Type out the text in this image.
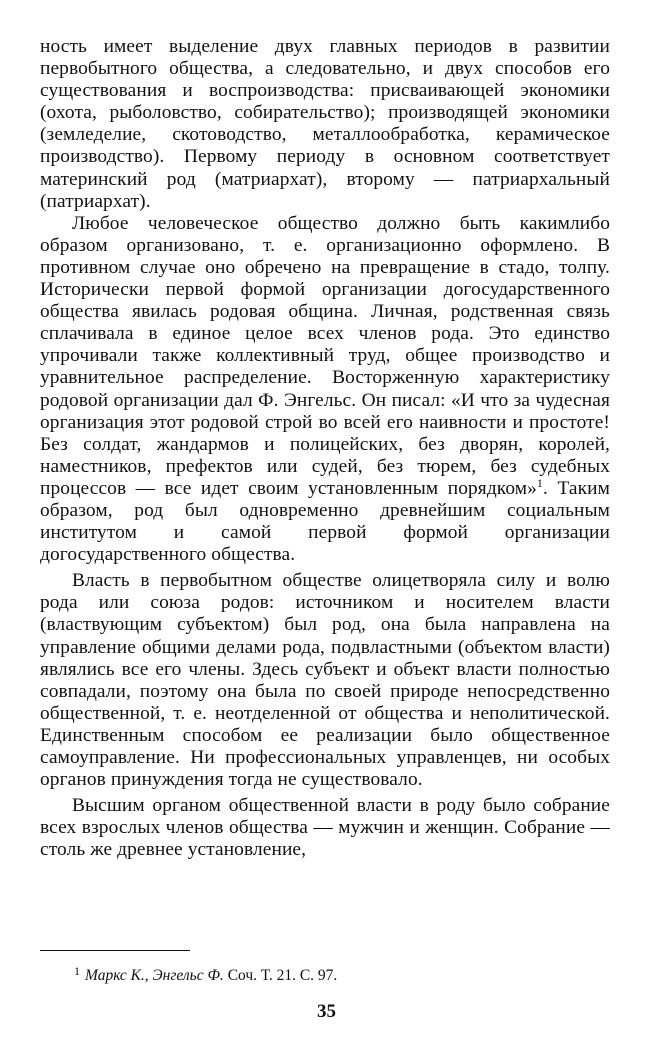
ность имеет выделение двух главных периодов в развитии первобытного общества, а следовательно, и двух способов его существования и воспроизводства: присваивающей экономики (охота, рыболовство, собирательство); производящей экономики (земледелие, скотоводство, металлообработка, керамическое производство). Первому периоду в основном соответствует материнский род (матриархат), второму — патриархальный (патриархат).

Любое человеческое общество должно быть какимлибо образом организовано, т. е. организационно оформлено. В противном случае оно обречено на превращение в стадо, толпу. Исторически первой формой организации догосударственного общества явилась родовая община. Личная, родственная связь сплачивала в единое целое всех членов рода. Это единство упрочивали также коллективный труд, общее производство и уравнительное распределение. Восторженную характеристику родовой организации дал Ф. Энгельс. Он писал: «И что за чудесная организация этот родовой строй во всей его наивности и простоте! Без солдат, жандармов и полицейских, без дворян, королей, наместников, префектов или судей, без тюрем, без судебных процессов — все идет своим установленным порядком»$^1$. Таким образом, род был одновременно древнейшим социальным институтом и самой первой формой организации догосударственного общества.

Власть в первобытном обществе олицетворяла силу и волю рода или союза родов: источником и носителем власти (властвующим субъектом) был род, она была направлена на управление общими делами рода, подвластными (объектом власти) являлись все его члены. Здесь субъект и объект власти полностью совпадали, поэтому она была по своей природе непосредственно общественной, т. е. неотделенной от общества и неполитической. Единственным способом ее реализации было общественное самоуправление. Ни профессиональных управленцев, ни особых органов принуждения тогда не существовало.

Высшим органом общественной власти в роду было собрание всех взрослых членов общества — мужчин и женщин. Собрание — столь же древнее установление,

$^1$ Маркс К., Энгельс Ф. Соч. Т. 21. С. 97.
35
